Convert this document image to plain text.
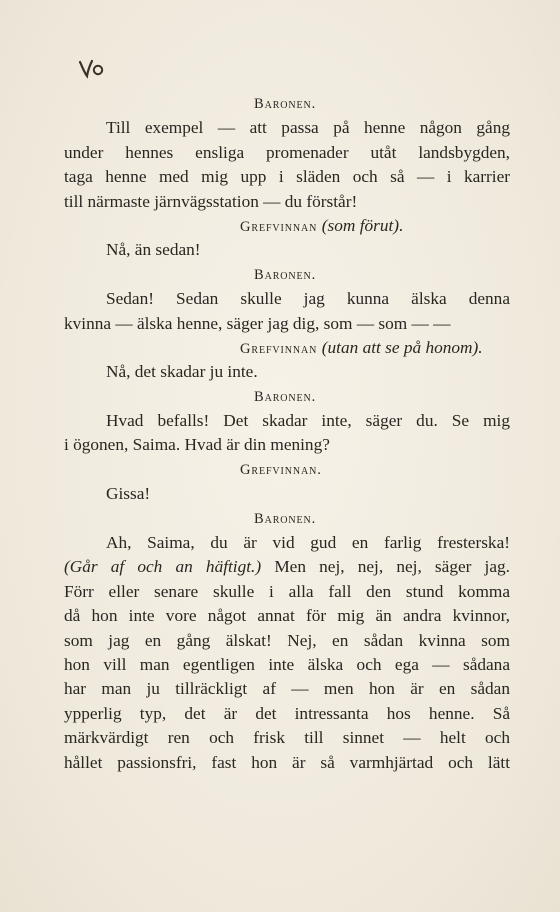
Baronen.
Till exempel — att passa på henne någon gång
under hennes ensliga promenader utåt landsbygden,
taga henne med mig upp i släden och så — i karrier
till närmaste järnvägsstation — du förstår!
Grefvinnan (som förut).
Nå, än sedan!
Baronen.
Sedan! Sedan skulle jag kunna älska denna
kvinna — älska henne, säger jag dig, som — som — —
Grefvinnan (utan att se på honom).
Nå, det skadar ju inte.
Baronen.
Hvad befalls! Det skadar inte, säger du. Se mig
i ögonen, Saima. Hvad är din mening?
Grefvinnan.
Gissa!
Baronen.
Ah, Saima, du är vid gud en farlig fresterska!
(Går af och an häftigt.) Men nej, nej, nej, säger jag.
Förr eller senare skulle i alla fall den stund komma
då hon inte vore något annat för mig än andra kvinnor,
som jag en gång älskat! Nej, en sådan kvinna som
hon vill man egentligen inte älska och ega — sådana
har man ju tillräckligt af — men hon är en sådan
ypperlig typ, det är det intressanta hos henne. Så
märkvärdigt ren och frisk till sinnet — helt och
hållet passionsfri, fast hon är så varmhjärtad och lätt
